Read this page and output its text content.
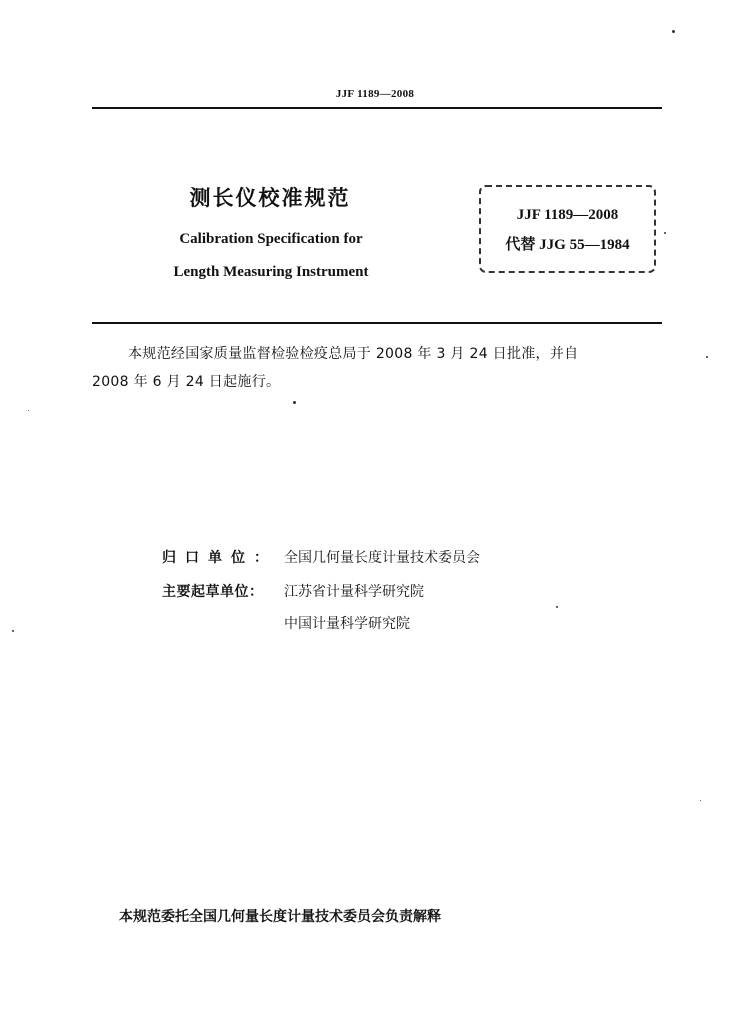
JJF 1189—2008
测长仪校准规范
Calibration Specification for
Length Measuring Instrument
JJF 1189—2008
代替 JJG 55—1984
本规范经国家质量监督检验检疫总局于 2008 年 3 月 24 日批准，并自
2008 年 6 月 24 日起施行。
归口单位： 全国几何量长度计量技术委员会
主要起草单位： 江苏省计量科学研究院
中国计量科学研究院
本规范委托全国几何量长度计量技术委员会负责解释
